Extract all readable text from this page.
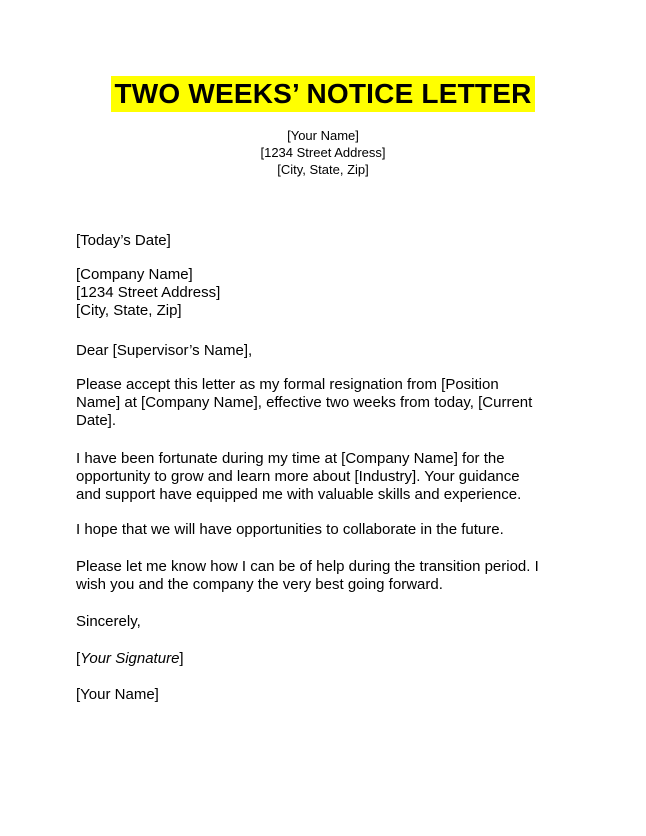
TWO WEEKS’ NOTICE LETTER
[Your Name]
[1234 Street Address]
[City, State, Zip]
[Today’s Date]
[Company Name]
[1234 Street Address]
[City, State, Zip]
Dear [Supervisor’s Name],
Please accept this letter as my formal resignation from [Position
Name] at [Company Name], effective two weeks from today, [Current
Date].
I have been fortunate during my time at [Company Name] for the
opportunity to grow and learn more about [Industry]. Your guidance
and support have equipped me with valuable skills and experience.
I hope that we will have opportunities to collaborate in the future.
Please let me know how I can be of help during the transition period. I
wish you and the company the very best going forward.
Sincerely,
[Your Signature]
[Your Name]
